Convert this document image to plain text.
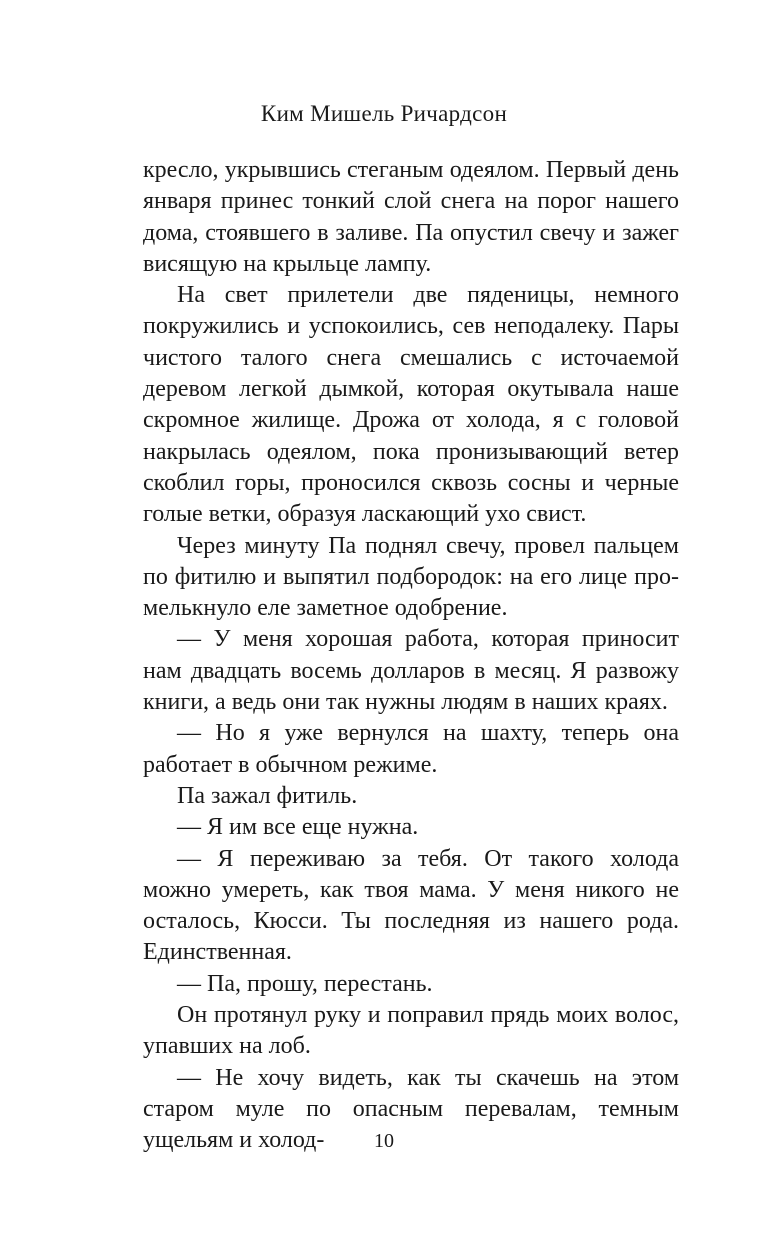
Ким Мишель Ричардсон

кресло, укрывшись стеганым одеялом. Первый день января принес тонкий слой снега на порог нашего дома, стоявшего в заливе. Па опустил свечу и зажег висящую на крыльце лампу.

На свет прилетели две пяденицы, немного покружились и успокоились, сев неподалеку. Пары чистого талого снега смешались с источаемой деревом легкой дымкой, которая окутывала наше скромное жилище. Дрожа от холода, я с головой накрылась одеялом, пока пронизывающий ветер скоблил горы, проносился сквозь сосны и черные голые ветки, образуя ласкающий ухо свист.

Через минуту Па поднял свечу, провел пальцем по фитилю и выпятил подбородок: на его лице промелькнуло еле заметное одобрение.

— У меня хорошая работа, которая приносит нам двадцать восемь долларов в месяц. Я развожу книги, а ведь они так нужны людям в наших краях.

— Но я уже вернулся на шахту, теперь она работает в обычном режиме.

Па зажал фитиль.

— Я им все еще нужна.

— Я переживаю за тебя. От такого холода можно умереть, как твоя мама. У меня никого не осталось, Кюсси. Ты последняя из нашего рода. Единственная.

— Па, прошу, перестань.

Он протянул руку и поправил прядь моих волос, упавших на лоб.

— Не хочу видеть, как ты скачешь на этом старом муле по опасным перевалам, темным ущельям и холод-	10
